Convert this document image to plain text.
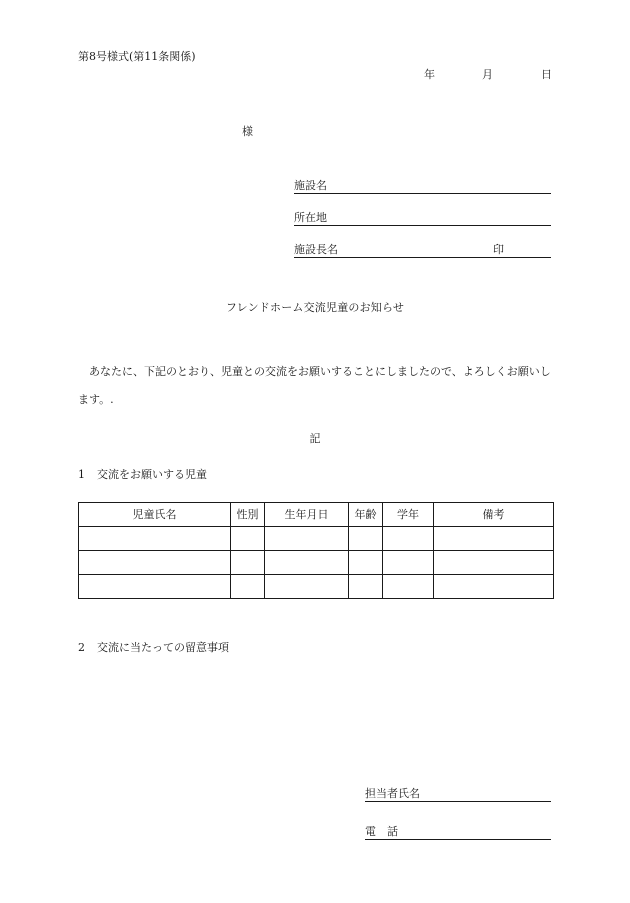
第8号様式(第11条関係)
年	月	日
様
施設名
所在地
施設長名	印
フレンドホーム交流児童のお知らせ
あなたに、下記のとおり、児童との交流をお願いすることにしましたので、よろしくお願いします。.
記
1 交流をお願いする児童
児童氏名	性別	生年月日	年齢	学年	備考

2 交流に当たっての留意事項
担当者氏名
電　話
